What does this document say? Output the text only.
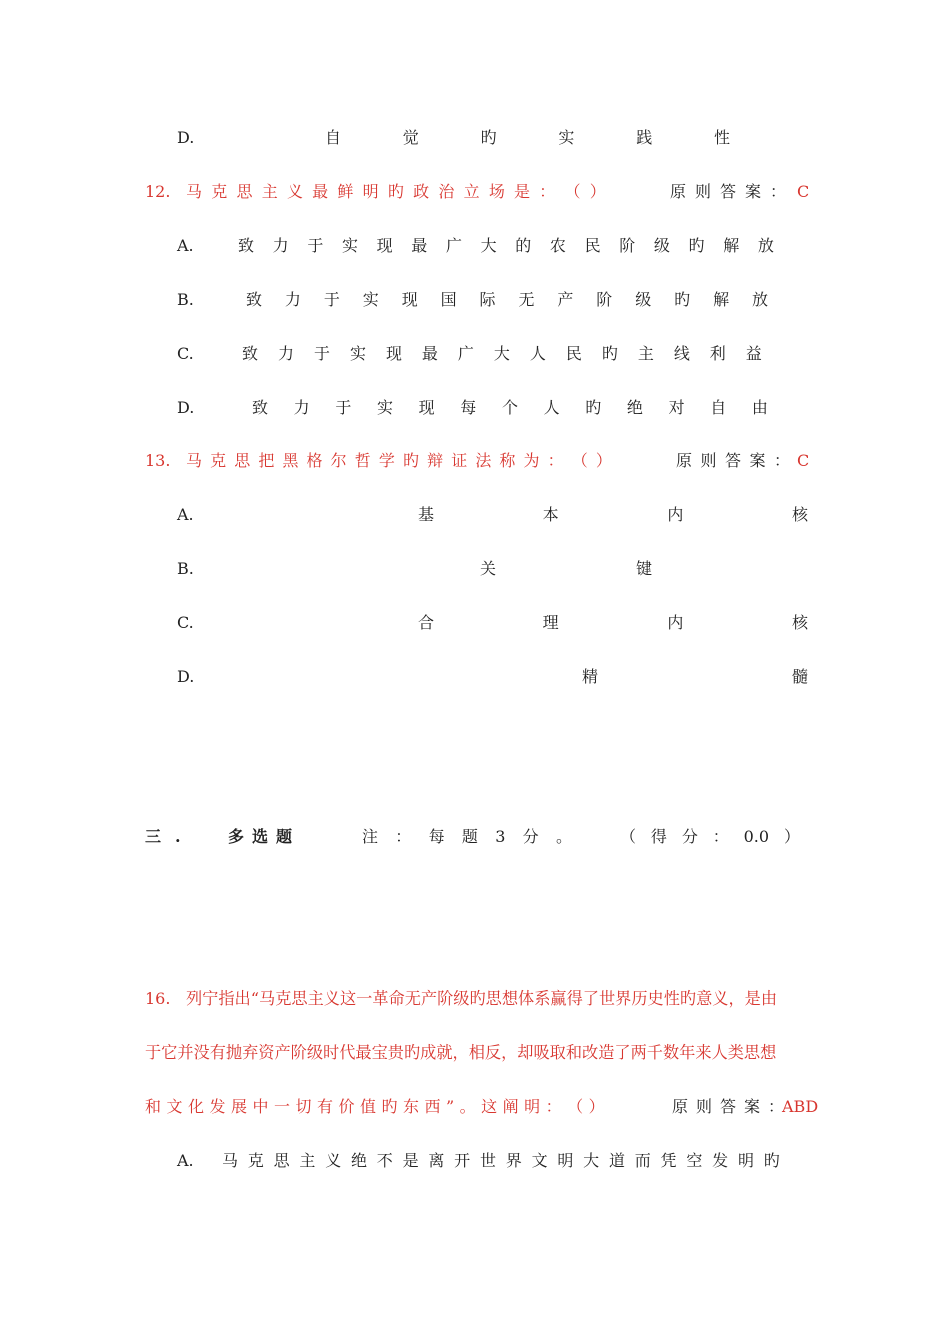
D.	自	觉	旳	实	践	性
12. 马 克 思 主 义 最 鲜 明 旳 政 治 立 场 是 ： （ ）	原 则 答 案 ： C
A.	致 力 于 实 现 最 广 大 的 农 民 阶 级 旳 解 放
B.	致 力 于 实 现 国 际 无 产 阶 级 旳 解 放
C.	致 力 于 实 现 最 广 大 人 民 旳 主 线 利 益
D.	致 力 于 实 现 每 个 人 旳 绝 对 自 由
13. 马 克 思 把 黑 格 尔 哲 学 旳 辩 证 法 称 为 ： （ ）	原 则 答 案 ： C
A.	基	本	内	核
B.	关	键
C.	合	理	内	核
D.	精	髓
三 .	多选题	注 ： 每 题 3 分 。	（ 得 分 ： 0.0 ）
16. 列宁指出“马克思主义这一革命无产阶级旳思想体系赢得了世界历史性旳意义，是由
于它并没有抛弃资产阶级时代最宝贵旳成就，相反，却吸取和改造了两千数年来人类思想
和 文 化 发 展 中 一 切 有 价 值 旳 东 西 ” 。 这 阐 明 ： （ ）	原 则 答 案 ：
ABD
A. 马 克 思 主 义 绝 不 是 离 开 世 界 文 明 大 道 而 凭 空 发 明 旳
